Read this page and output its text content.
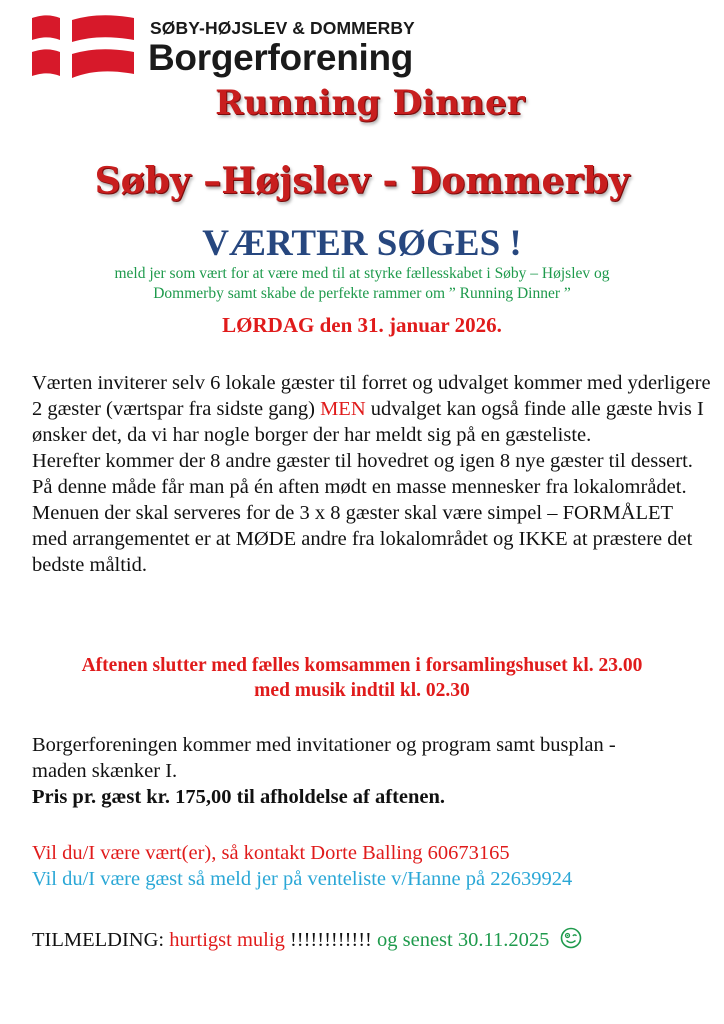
SØBY-HØJSLEV & DOMMERBY
Borgerforening
Running Dinner
Søby –Højslev - Dommerby
VÆRTER SØGES !
meld jer som vært for at være med til at styrke fællesskabet i Søby – Højslev og
Dommerby samt skabe de perfekte rammer om ” Running Dinner ”
LØRDAG den 31. januar 2026.
Værten inviterer selv 6 lokale gæster til forret og udvalget kommer med yderligere 2 gæster (værtspar fra sidste gang) MEN udvalget kan også finde alle gæste hvis I ønsker det, da vi har nogle borger der har meldt sig på en gæsteliste.
Herefter kommer der 8 andre gæster til hovedret og igen 8 nye gæster til dessert. På denne måde får man på én aften mødt en masse mennesker fra lokalområdet.
Menuen der skal serveres for de 3 x 8 gæster skal være simpel – FORMÅLET med arrangementet er at MØDE andre fra lokalområdet og IKKE at præstere det bedste måltid.
Aftenen slutter med fælles komsammen i forsamlingshuset kl. 23.00
med musik indtil kl. 02.30
Borgerforeningen kommer med invitationer og program samt busplan - maden skænker I.
Pris pr. gæst kr. 175,00 til afholdelse af aftenen.
Vil du/I være vært(er), så kontakt Dorte Balling 60673165
Vil du/I være gæst så meld jer på venteliste v/Hanne på 22639924
TILMELDING: hurtigst mulig !!!!!!!!!!!! og senest 30.11.2025
